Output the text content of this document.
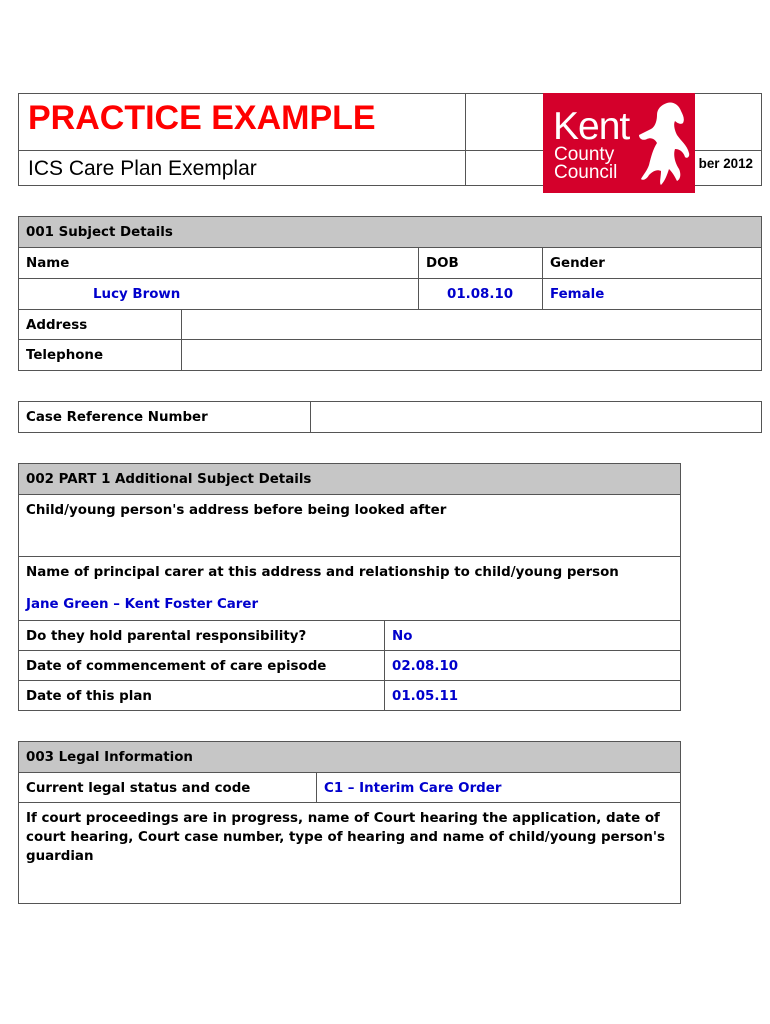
PRACTICE EXAMPLE	
ICS Care Plan Exemplar	ber 2012
Kent
County
Council
001 Subject Details			
Name		DOB	Gender
Lucy Brown		01.08.10	Female
Address			
Telephone			
Case Reference Number	
002 PART 1 Additional Subject Details	
Child/young person's address before being looked after	

Name of principal carer at this address and relationship to child/young person
Jane Green – Kent Foster Carer	

Do they hold parental responsibility?	No
Date of commencement of care episode	02.08.10
Date of this plan	01.05.11
003 Legal Information
Current legal status and code	C1 – Interim Care Order
If court proceedings are in progress, name of Court hearing the application, date of court hearing, Court case number, type of hearing and name of child/young person's guardian
